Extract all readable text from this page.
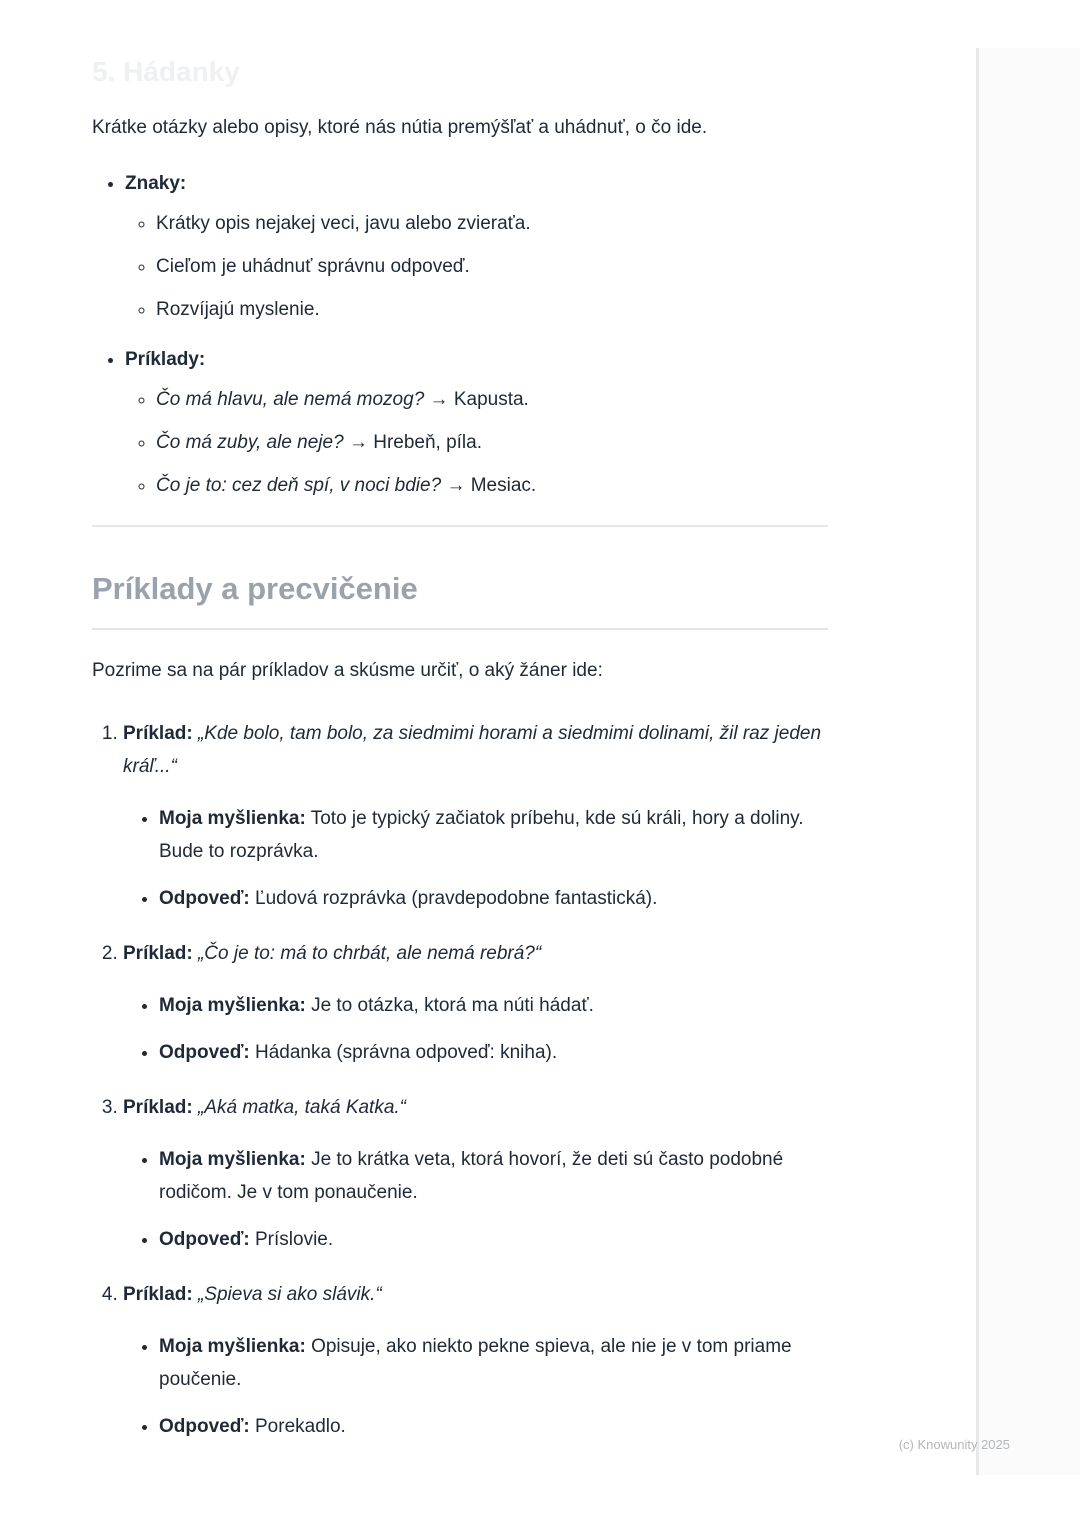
5. Hádanky

Krátke otázky alebo opisy, ktoré nás nútia premýšľať a uhádnuť, o čo ide.

• Znaky:
◦ Krátky opis nejakej veci, javu alebo zvieraťa.
◦ Cieľom je uhádnuť správnu odpoveď.
◦ Rozvíjajú myslenie.
• Príklady:
◦ Čo má hlavu, ale nemá mozog? → Kapusta.
◦ Čo má zuby, ale neje? → Hrebeň, píla.
◦ Čo je to: cez deň spí, v noci bdie? → Mesiac.
Príklady a precvičenie

Pozrime sa na pár príkladov a skúsme určiť, o aký žáner ide:

1. Príklad: „Kde bolo, tam bolo, za siedmimi horami a siedmimi dolinami, žil raz jeden kráľ...“
• Moja myšlienka: Toto je typický začiatok príbehu, kde sú králi, hory a doliny. Bude to rozprávka.
• Odpoveď: Ľudová rozprávka (pravdepodobne fantastická).
2. Príklad: „Čo je to: má to chrbát, ale nemá rebrá?“
• Moja myšlienka: Je to otázka, ktorá ma núti hádať.
• Odpoveď: Hádanka (správna odpoveď: kniha).
3. Príklad: „Aká matka, taká Katka.“
• Moja myšlienka: Je to krátka veta, ktorá hovorí, že deti sú často podobné rodičom. Je v tom ponaučenie.
• Odpoveď: Príslovie.
4. Príklad: „Spieva si ako slávik.“
• Moja myšlienka: Opisuje, ako niekto pekne spieva, ale nie je v tom priame poučenie.
• Odpoveď: Porekadlo.
(c) Knowunity 2025
